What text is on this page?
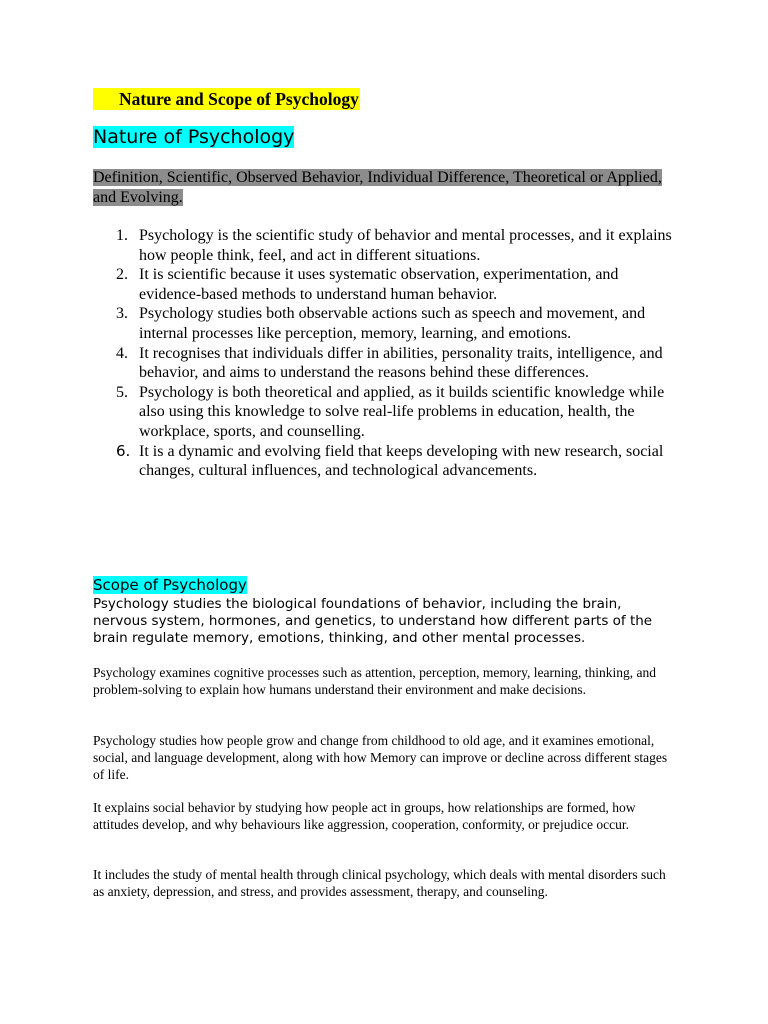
Nature and Scope of Psychology
Nature of Psychology
Definition, Scientific, Observed Behavior, Individual Difference, Theoretical or Applied, and Evolving.
1. Psychology is the scientific study of behavior and mental processes, and it explains how people think, feel, and act in different situations.
2. It is scientific because it uses systematic observation, experimentation, and evidence-based methods to understand human behavior.
3. Psychology studies both observable actions such as speech and movement, and internal processes like perception, memory, learning, and emotions.
4. It recognises that individuals differ in abilities, personality traits, intelligence, and behavior, and aims to understand the reasons behind these differences.
5. Psychology is both theoretical and applied, as it builds scientific knowledge while also using this knowledge to solve real-life problems in education, health, the workplace, sports, and counselling.
6. It is a dynamic and evolving field that keeps developing with new research, social changes, cultural influences, and technological advancements.
Scope of Psychology

Psychology studies the biological foundations of behavior, including the brain, nervous system, hormones, and genetics, to understand how different parts of the brain regulate memory, emotions, thinking, and other mental processes.

Psychology examines cognitive processes such as attention, perception, memory, learning, thinking, and problem-solving to explain how humans understand their environment and make decisions.

Psychology studies how people grow and change from childhood to old age, and it examines emotional, social, and language development, along with how Memory can improve or decline across different stages of life.

It explains social behavior by studying how people act in groups, how relationships are formed, how attitudes develop, and why behaviours like aggression, cooperation, conformity, or prejudice occur.

It includes the study of mental health through clinical psychology, which deals with mental disorders such as anxiety, depression, and stress, and provides assessment, therapy, and counseling.
